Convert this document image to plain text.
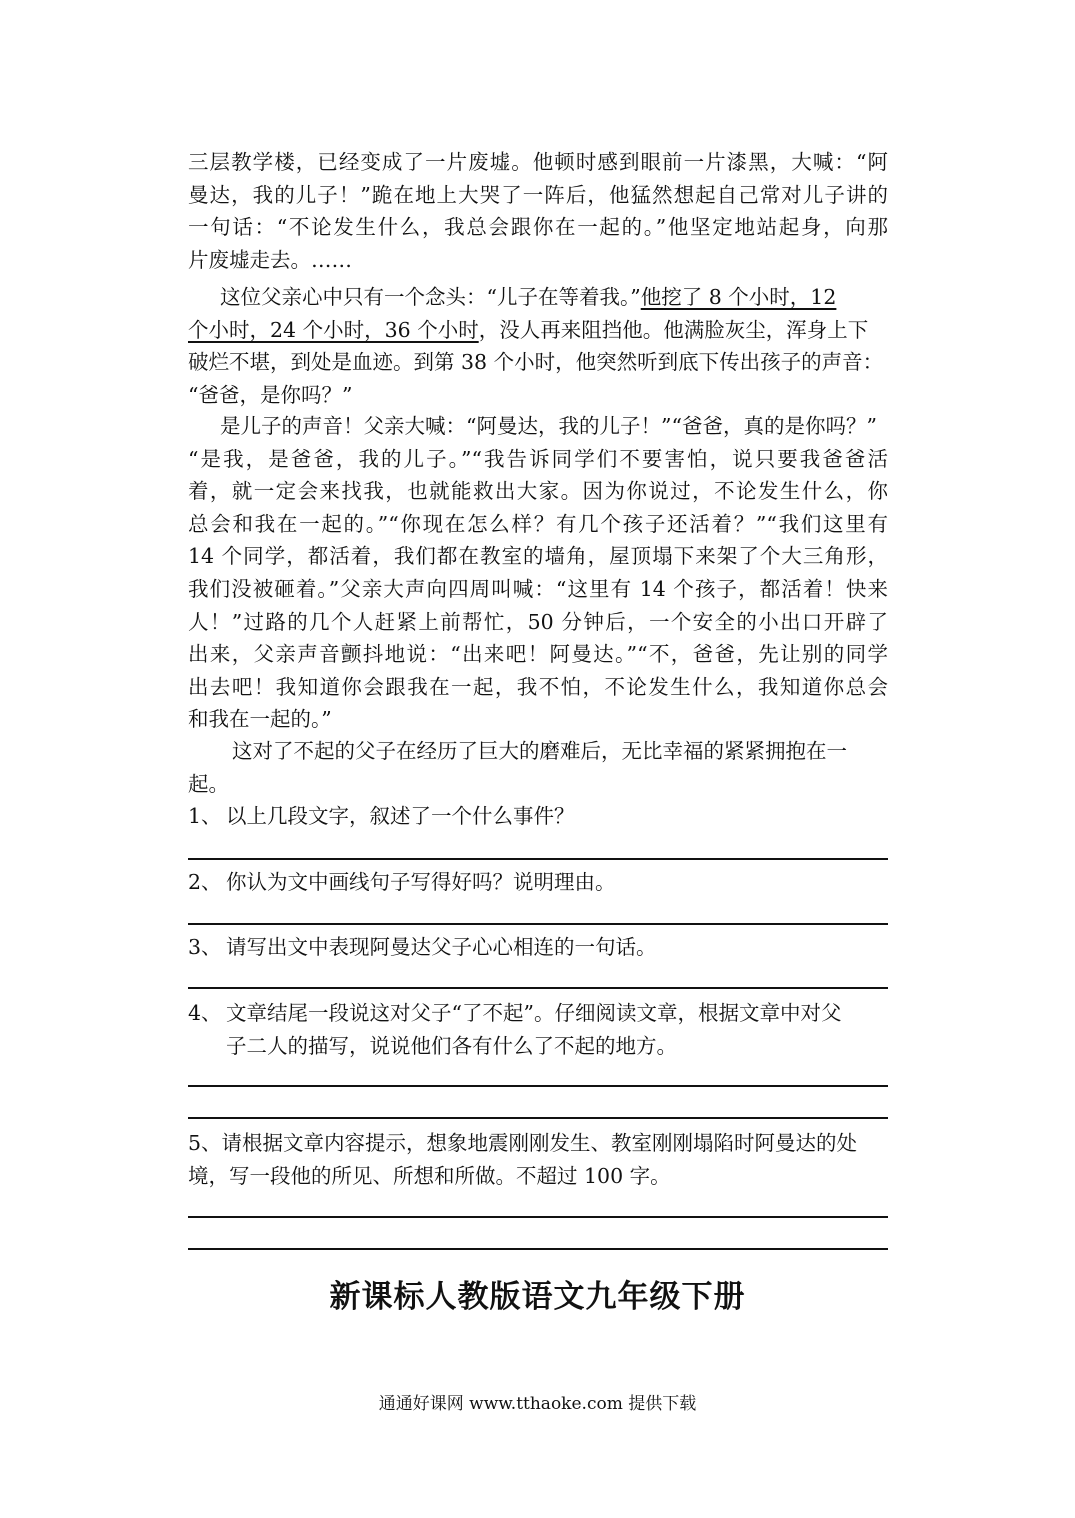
三层教学楼，已经变成了一片废墟。他顿时感到眼前一片漆黑，大喊：“阿
曼达，我的儿子！”跪在地上大哭了一阵后，他猛然想起自己常对儿子讲的
一句话：“不论发生什么，我总会跟你在一起的。”他坚定地站起身，向那
片废墟走去。……
这位父亲心中只有一个念头：“儿子在等着我。”他挖了 8 个小时，12
个小时，24 个小时，36 个小时，没人再来阻挡他。他满脸灰尘，浑身上下
破烂不堪，到处是血迹。到第 38 个小时，他突然听到底下传出孩子的声音：
“爸爸，是你吗？”
是儿子的声音！父亲大喊：“阿曼达，我的儿子！”“爸爸，真的是你吗？”
“是我，是爸爸，我的儿子。”“我告诉同学们不要害怕，说只要我爸爸活
着，就一定会来找我，也就能救出大家。因为你说过，不论发生什么，你
总会和我在一起的。”“你现在怎么样？有几个孩子还活着？”“我们这里有
14 个同学，都活着，我们都在教室的墙角，屋顶塌下来架了个大三角形，
我们没被砸着。”父亲大声向四周叫喊：“这里有 14 个孩子，都活着！快来
人！”过路的几个人赶紧上前帮忙，50 分钟后，一个安全的小出口开辟了
出来，父亲声音颤抖地说：“出来吧！阿曼达。”“不，爸爸，先让别的同学
出去吧！我知道你会跟我在一起，我不怕，不论发生什么，我知道你总会
和我在一起的。”
这对了不起的父子在经历了巨大的磨难后，无比幸福的紧紧拥抱在一
起。
1、 以上几段文字，叙述了一个什么事件？
2、 你认为文中画线句子写得好吗？说明理由。
3、 请写出文中表现阿曼达父子心心相连的一句话。
4、 文章结尾一段说这对父子“了不起”。仔细阅读文章，根据文章中对父
子二人的描写，说说他们各有什么了不起的地方。
5、请根据文章内容提示，想象地震刚刚发生、教室刚刚塌陷时阿曼达的处
境，写一段他的所见、所想和所做。不超过 100 字。
新课标人教版语文九年级下册
通通好课网 www.tthaoke.com 提供下载
